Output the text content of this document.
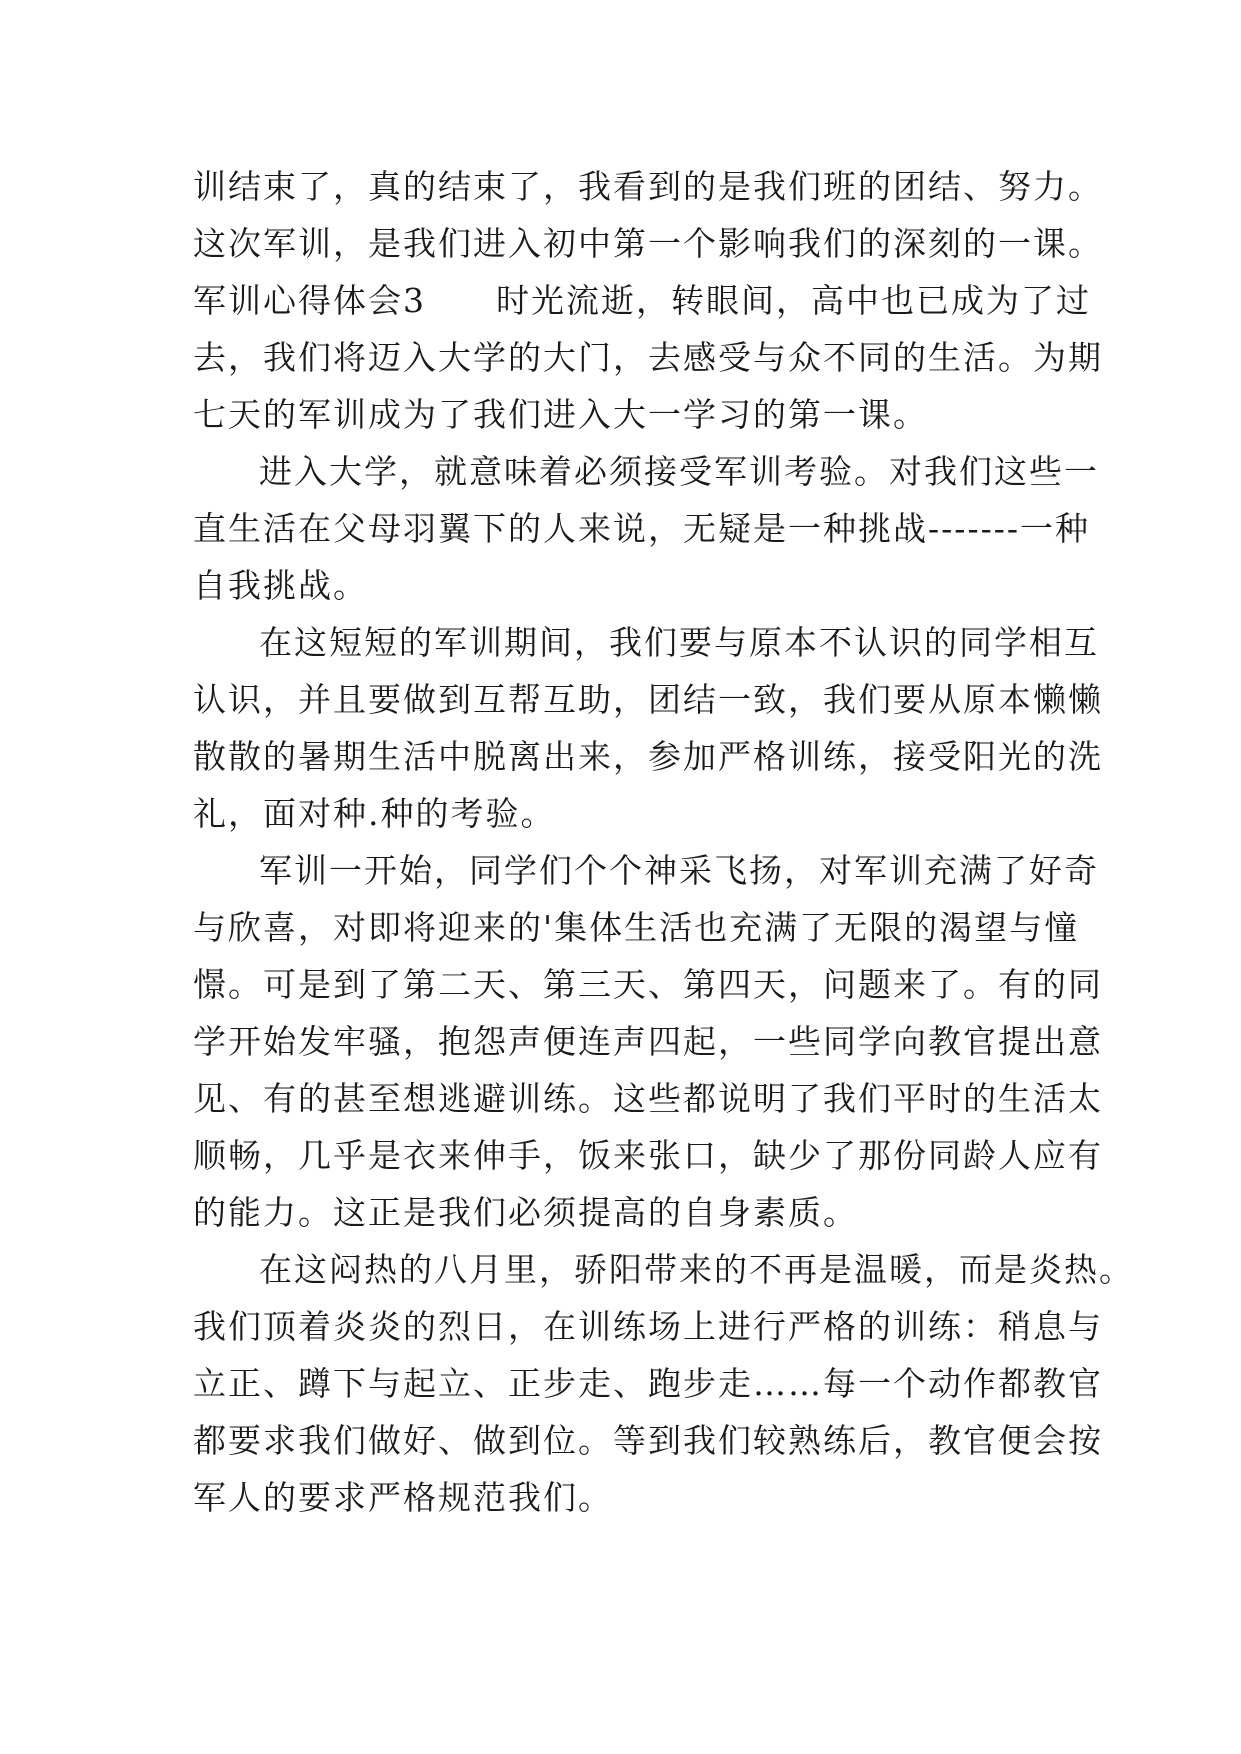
训结束了，真的结束了，我看到的是我们班的团结、努力。
这次军训，是我们进入初中第一个影响我们的深刻的一课。
军训心得体会3　　时光流逝，转眼间，高中也已成为了过
去，我们将迈入大学的大门，去感受与众不同的生活。为期
七天的军训成为了我们进入大一学习的第一课。
进入大学，就意味着必须接受军训考验。对我们这些一
直生活在父母羽翼下的人来说，无疑是一种挑战-------一种
自我挑战。
在这短短的军训期间，我们要与原本不认识的同学相互
认识，并且要做到互帮互助，团结一致，我们要从原本懒懒
散散的暑期生活中脱离出来，参加严格训练，接受阳光的洗
礼，面对种.种的考验。
军训一开始，同学们个个神采飞扬，对军训充满了好奇
与欣喜，对即将迎来的'集体生活也充满了无限的渴望与憧
憬。可是到了第二天、第三天、第四天，问题来了。有的同
学开始发牢骚，抱怨声便连声四起，一些同学向教官提出意
见、有的甚至想逃避训练。这些都说明了我们平时的生活太
顺畅，几乎是衣来伸手，饭来张口，缺少了那份同龄人应有
的能力。这正是我们必须提高的自身素质。
在这闷热的八月里，骄阳带来的不再是温暖，而是炎热。
我们顶着炎炎的烈日，在训练场上进行严格的训练：稍息与
立正、蹲下与起立、正步走、跑步走……每一个动作都教官
都要求我们做好、做到位。等到我们较熟练后，教官便会按
军人的要求严格规范我们。
